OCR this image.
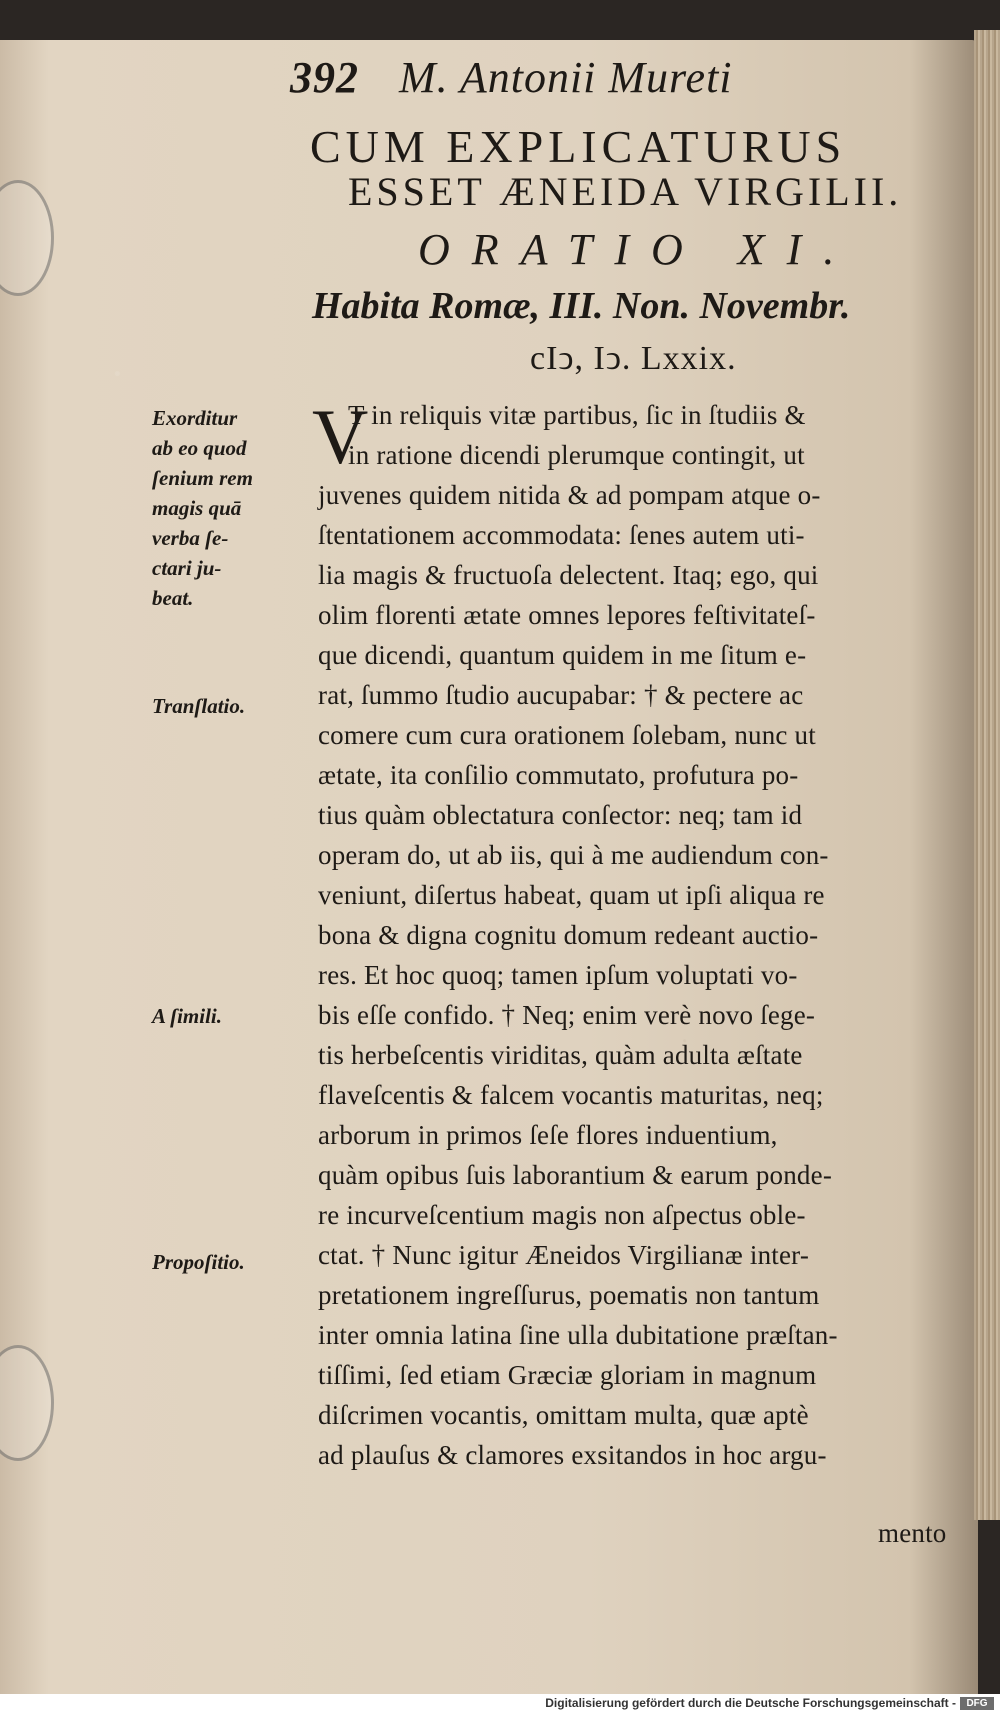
392 M. Antonii Mureti
CUM EXPLICATURUS
ESSET ÆNEIDA VIRGILII.
ORATIO XI.
Habita Romæ, III. Non. Novembr.
cIↄ, Iↄ. Lxxix.
V
T in reliquis vitæ partibus, ſic in ſtudiis &
in ratione dicendi plerumque contingit, ut
juvenes quidem nitida & ad pompam atque o-
ſtentationem accommodata: ſenes autem uti-
lia magis & fructuoſa delectent. Itaq; ego, qui
olim florenti ætate omnes lepores feſtivitateſ-
que dicendi, quantum quidem in me ſitum e-
rat, ſummo ſtudio aucupabar: † & pectere ac
comere cum cura orationem ſolebam, nunc ut
ætate, ita conſilio commutato, profutura po-
tius quàm oblectatura conſector: neq; tam id
operam do, ut ab iis, qui à me audiendum con-
veniunt, diſertus habeat, quam ut ipſi aliqua re
bona & digna cognitu domum redeant auctio-
res. Et hoc quoq; tamen ipſum voluptati vo-
bis eſſe confido. † Neq; enim verè novo ſege-
tis herbeſcentis viriditas, quàm adulta æſtate
flaveſcentis & falcem vocantis maturitas, neq;
arborum in primos ſeſe flores induentium,
quàm opibus ſuis laborantium & earum ponde-
re incurveſcentium magis non aſpectus oble-
ctat. † Nunc igitur Æneidos Virgilianæ inter-
pretationem ingreſſurus, poematis non tantum
inter omnia latina ſine ulla dubitatione præſtan-
tiſſimi, ſed etiam Græciæ gloriam in magnum
diſcrimen vocantis, omittam multa, quæ aptè
ad plauſus & clamores exsitandos in hoc argu-
mento
Exorditur
ab eo quod
ſenium rem
magis quā
verba ſe-
ctari ju-
beat.
Tranſlatio.
A ſimili.
Propoſitio.
Digitalisierung gefördert durch die Deutsche Forschungsgemeinschaft -	DFG
